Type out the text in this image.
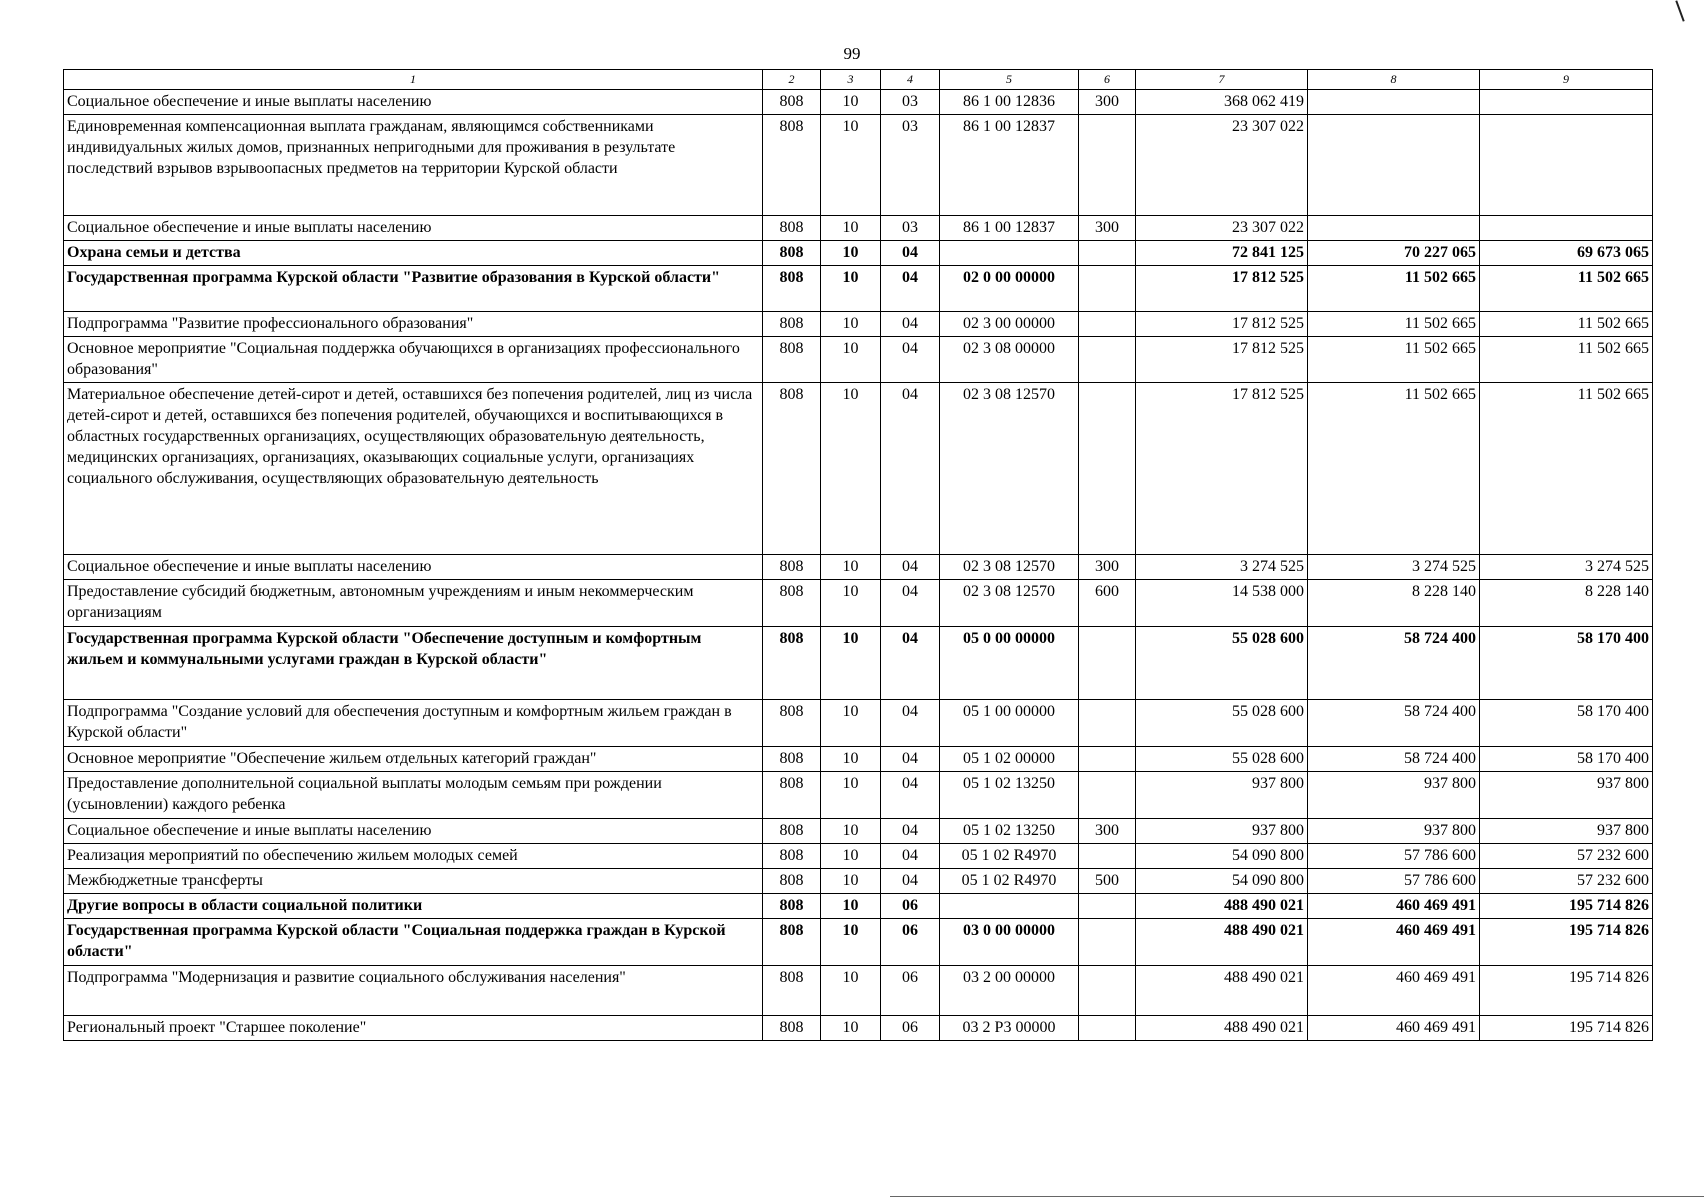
99
1	2	3	4	5	6	7	8	9
Социальное обеспечение и иные выплаты населению	808	10	03	86 1 00 12836	300	368 062 419		
Единовременная компенсационная выплата гражданам, являющимся собственниками индивидуальных жилых домов, признанных непригодными для проживания в результате последствий взрывов взрывоопасных предметов на территории Курской области	808	10	03	86 1 00 12837		23 307 022		
Социальное обеспечение и иные выплаты населению	808	10	03	86 1 00 12837	300	23 307 022		
Охрана семьи и детства	808	10	04			72 841 125	70 227 065	69 673 065
Государственная программа Курской области "Развитие образования в Курской области"	808	10	04	02 0 00 00000		17 812 525	11 502 665	11 502 665
Подпрограмма "Развитие профессионального образования"	808	10	04	02 3 00 00000		17 812 525	11 502 665	11 502 665
Основное мероприятие "Социальная поддержка обучающихся в организациях профессионального образования"	808	10	04	02 3 08 00000		17 812 525	11 502 665	11 502 665
Материальное обеспечение детей-сирот и детей, оставшихся без попечения родителей, лиц из числа детей-сирот и детей, оставшихся без попечения родителей, обучающихся и воспитывающихся в областных государственных организациях, осуществляющих образовательную деятельность, медицинских организациях, организациях, оказывающих социальные услуги, организациях социального обслуживания, осуществляющих образовательную деятельность	808	10	04	02 3 08 12570		17 812 525	11 502 665	11 502 665
Социальное обеспечение и иные выплаты населению	808	10	04	02 3 08 12570	300	3 274 525	3 274 525	3 274 525
Предоставление субсидий бюджетным, автономным учреждениям и иным некоммерческим организациям	808	10	04	02 3 08 12570	600	14 538 000	8 228 140	8 228 140
Государственная программа Курской области "Обеспечение доступным и комфортным жильем и коммунальными услугами граждан в Курской области"	808	10	04	05 0 00 00000		55 028 600	58 724 400	58 170 400
Подпрограмма "Создание условий для обеспечения доступным и комфортным жильем граждан в Курской области"	808	10	04	05 1 00 00000		55 028 600	58 724 400	58 170 400
Основное мероприятие "Обеспечение жильем отдельных категорий граждан"	808	10	04	05 1 02 00000		55 028 600	58 724 400	58 170 400
Предоставление дополнительной социальной выплаты молодым семьям при рождении (усыновлении) каждого ребенка	808	10	04	05 1 02 13250		937 800	937 800	937 800
Социальное обеспечение и иные выплаты населению	808	10	04	05 1 02 13250	300	937 800	937 800	937 800
Реализация мероприятий по обеспечению жильем молодых семей	808	10	04	05 1 02 R4970		54 090 800	57 786 600	57 232 600
Межбюджетные трансферты	808	10	04	05 1 02 R4970	500	54 090 800	57 786 600	57 232 600
Другие вопросы в области социальной политики	808	10	06			488 490 021	460 469 491	195 714 826
Государственная программа Курской области "Социальная поддержка граждан в Курской области"	808	10	06	03 0 00 00000		488 490 021	460 469 491	195 714 826
Подпрограмма "Модернизация и развитие социального обслуживания населения"	808	10	06	03 2 00 00000		488 490 021	460 469 491	195 714 826
Региональный проект "Старшее поколение"	808	10	06	03 2 P3 00000		488 490 021	460 469 491	195 714 826
